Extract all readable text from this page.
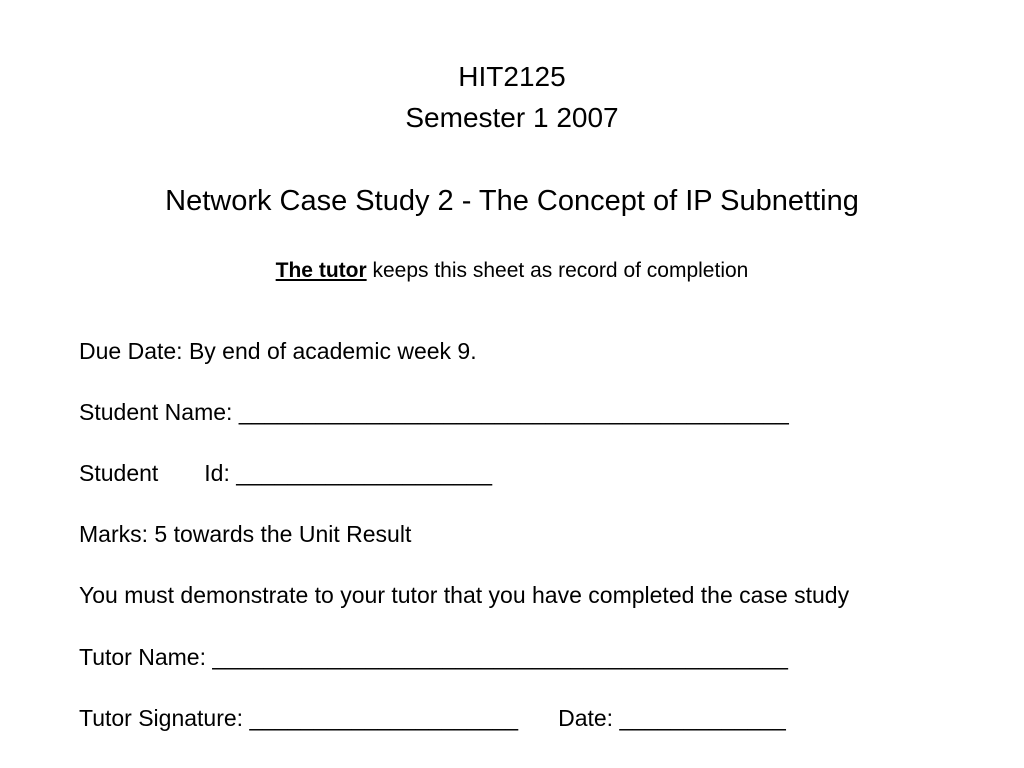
HIT2125
Semester 1 2007
Network Case Study 2 - The Concept of IP Subnetting
The tutor keeps this sheet as record of completion
Due Date: By end of academic week 9.
Student Name: ___________________________________________
Student Id: ____________________
Marks: 5 towards the Unit Result
You must demonstrate to your tutor that you have completed the case study
Tutor Name: _____________________________________________
Tutor Signature: _____________________ Date: _____________
